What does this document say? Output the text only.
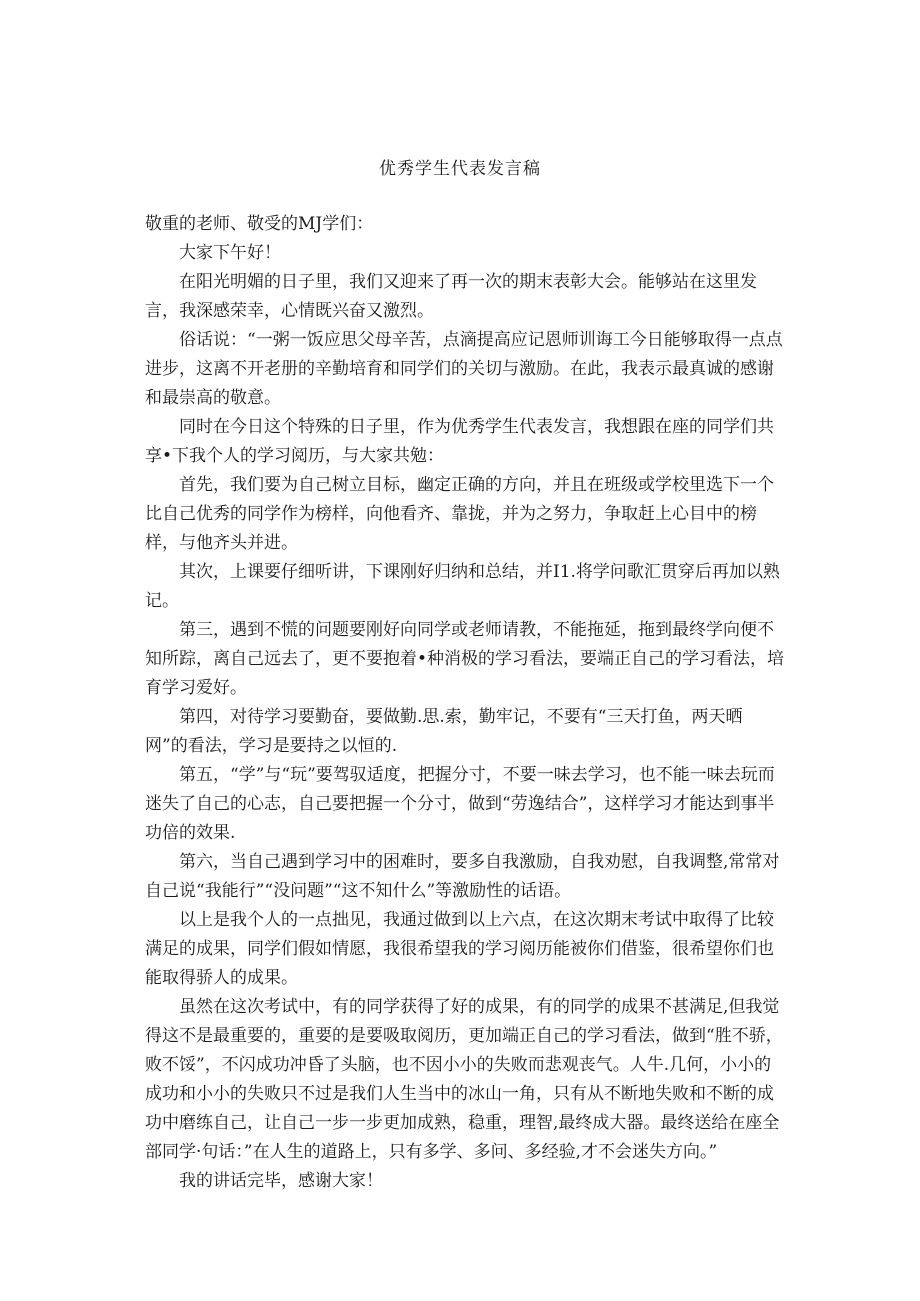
优秀学生代表发言稿

敬重的老师、敬受的MJ学们：

大家下午好！

在阳光明媚的日子里，我们又迎来了再一次的期末表彰大会。能够站在这里发言，我深感荣幸，心情既兴奋又激烈。

俗话说：“一粥一饭应思父母辛苦，点滴提高应记恩师训诲工今日能够取得一点点进步，这离不开老册的辛勤培育和同学们的关切与激励。在此，我表示最真诚的感谢和最崇高的敬意。

同时在今日这个特殊的日子里，作为优秀学生代表发言，我想跟在座的同学们共享•下我个人的学习阅历，与大家共勉：

首先，我们要为自己树立目标，幽定正确的方向，并且在班级或学校里选下一个比自己优秀的同学作为榜样，向他看齐、靠拢，并为之努力，争取赶上心目中的榜样，与他齐头并进。

其次，上课要仔细听讲，下课刚好归纳和总结，并I1.将学问歌汇贯穿后再加以熟记。

第三，遇到不慌的问题要刚好向同学或老师请教，不能拖延，拖到最终学向便不知所踪，离自己远去了，更不要抱着•种消极的学习看法，要端正自己的学习看法，培育学习爱好。

第四，对待学习要勤奋，要做勤.思.索，勤牢记，不要有“三天打鱼，两天晒网”的看法，学习是要持之以恒的.

第五，“学”与“玩”要驾驭适度，把握分寸，不要一味去学习，也不能一味去玩而迷失了自己的心志，自己要把握一个分寸，做到“劳逸结合”，这样学习才能达到事半功倍的效果.

第六，当自己遇到学习中的困难时，要多自我激励，自我劝慰，自我调整,常常对自己说“我能行”“没问题”“这不知什么”等激励性的话语。

以上是我个人的一点拙见，我通过做到以上六点，在这次期末考试中取得了比较满足的成果，同学们假如情愿，我很希望我的学习阅历能被你们借鉴，很希望你们也能取得骄人的成果。

虽然在这次考试中，有的同学获得了好的成果，有的同学的成果不甚满足,但我觉得这不是最重要的，重要的是要吸取阅历，更加端正自己的学习看法，做到“胜不骄，败不馁”，不闪成功冲昏了头脑，也不因小小的失败而悲观丧气。人牛.几何，小小的成功和小小的失败只不过是我们人生当中的冰山一角，只有从不断地失败和不断的成功中磨练自己，让自己一步一步更加成熟，稳重，理智,最终成大器。最终送给在座全部同学·句话：”在人生的道路上，只有多学、多问、多经验,才不会迷失方向。”

我的讲话完毕，感谢大家！
